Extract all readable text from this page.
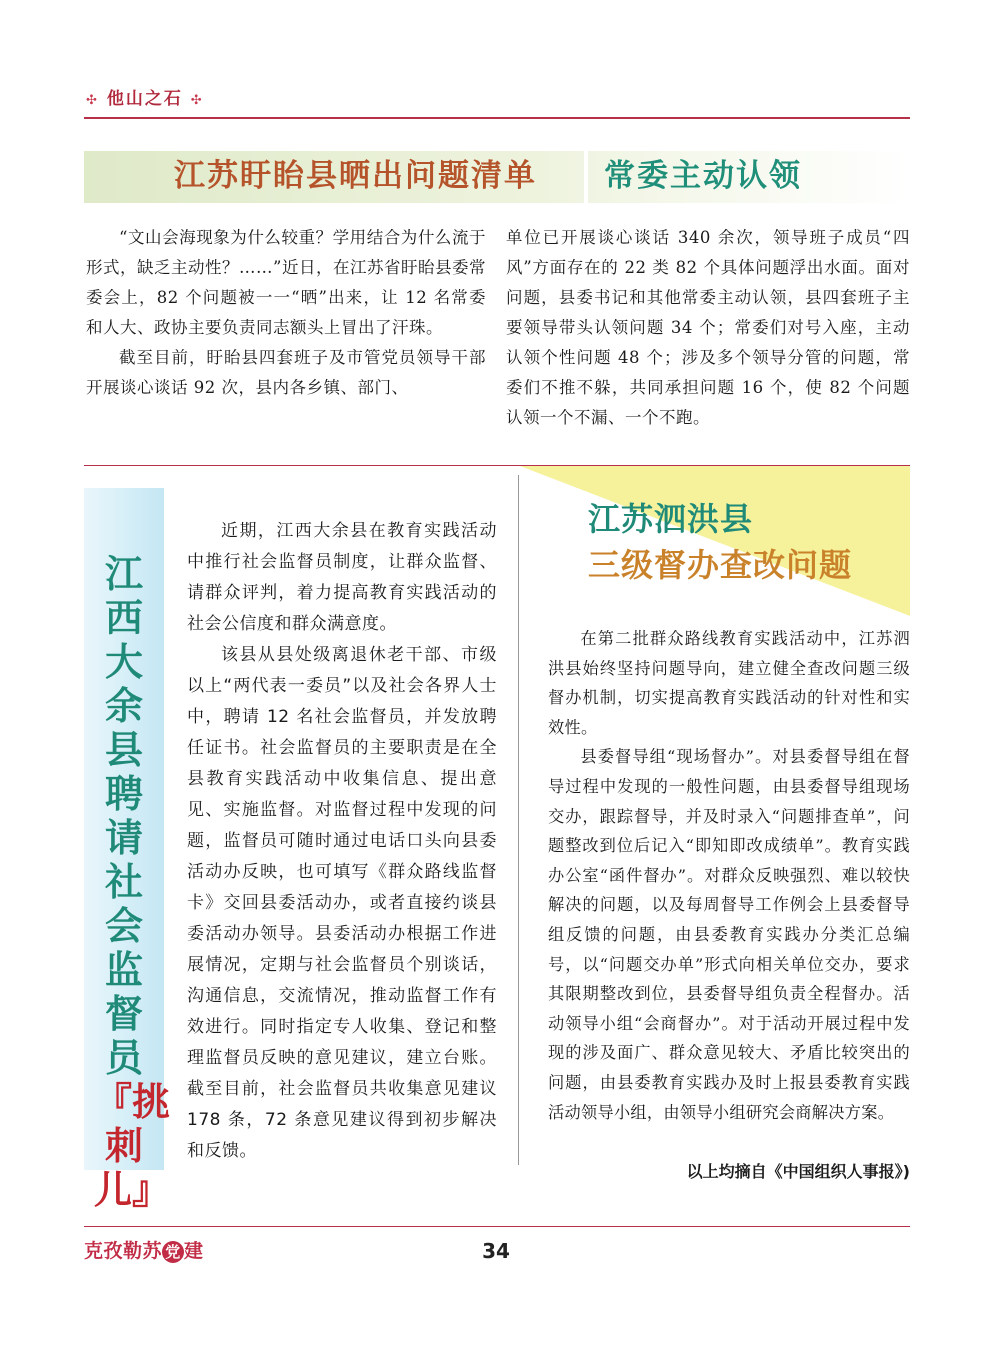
✣ 他山之石 ✣
江苏盱眙县晒出问题清单 常委主动认领

“文山会海现象为什么较重？学用结合为什么流于形式，缺乏主动性？……”近日，在江苏省盱眙县委常委会上，82 个问题被一一“晒”出来，让 12 名常委和人大、政协主要负责同志额头上冒出了汗珠。

截至目前，盱眙县四套班子及市管党员领导干部开展谈心谈话 92 次，县内各乡镇、部门、

单位已开展谈心谈话 340 余次，领导班子成员“四风”方面存在的 22 类 82 个具体问题浮出水面。面对问题，县委书记和其他常委主动认领，县四套班子主要领导带头认领问题 34 个；常委们对号入座，主动认领个性问题 48 个；涉及多个领导分管的问题，常委们不推不躲，共同承担问题 16 个，使 82 个问题认领一个不漏、一个不跑。

江西大余县聘请社会监督员『挑刺儿』

近期，江西大余县在教育实践活动中推行社会监督员制度，让群众监督、请群众评判，着力提高教育实践活动的社会公信度和群众满意度。

该县从县处级离退休老干部、市级以上“两代表一委员”以及社会各界人士中，聘请 12 名社会监督员，并发放聘任证书。社会监督员的主要职责是在全县教育实践活动中收集信息、提出意见、实施监督。对监督过程中发现的问题，监督员可随时通过电话口头向县委活动办反映，也可填写《群众路线监督卡》交回县委活动办，或者直接约谈县委活动办领导。县委活动办根据工作进展情况，定期与社会监督员个别谈话，沟通信息，交流情况，推动监督工作有效进行。同时指定专人收集、登记和整理监督员反映的意见建议，建立台账。截至目前，社会监督员共收集意见建议 178 条，72 条意见建议得到初步解决和反馈。

江苏泗洪县
三级督办查改问题

在第二批群众路线教育实践活动中，江苏泗洪县始终坚持问题导向，建立健全查改问题三级督办机制，切实提高教育实践活动的针对性和实效性。

县委督导组“现场督办”。对县委督导组在督导过程中发现的一般性问题，由县委督导组现场交办，跟踪督导，并及时录入“问题排查单”，问题整改到位后记入“即知即改成绩单”。教育实践办公室“函件督办”。对群众反映强烈、难以较快解决的问题，以及每周督导工作例会上县委督导组反馈的问题，由县委教育实践办分类汇总编号，以“问题交办单”形式向相关单位交办，要求其限期整改到位，县委督导组负责全程督办。活动领导小组“会商督办”。对于活动开展过程中发现的涉及面广、群众意见较大、矛盾比较突出的问题，由县委教育实践办及时上报县委教育实践活动领导小组，由领导小组研究会商解决方案。

以上均摘自《中国组织人事报》)
克孜勒苏 党 建	34
